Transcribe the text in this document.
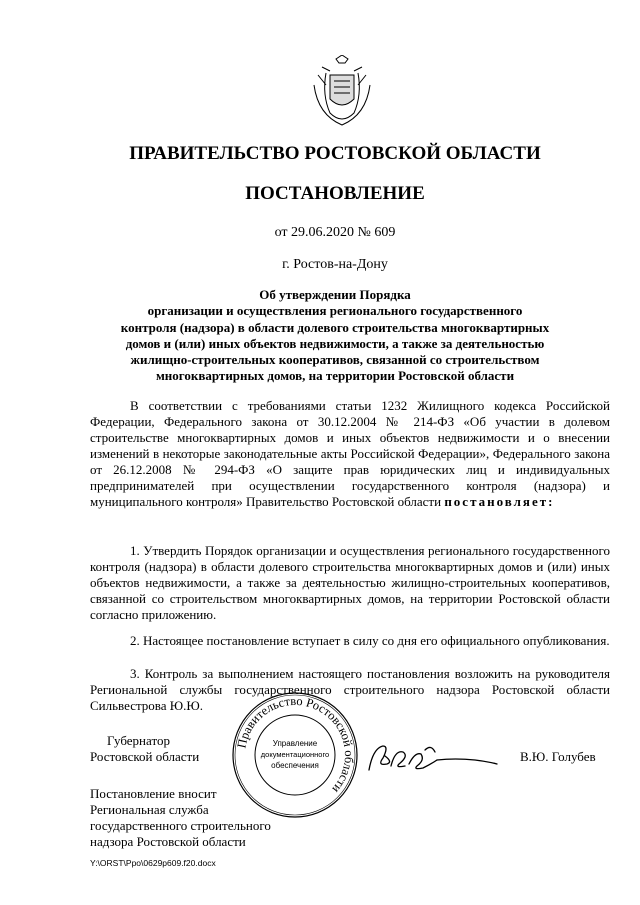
ПРАВИТЕЛЬСТВО РОСТОВСКОЙ ОБЛАСТИ
ПОСТАНОВЛЕНИЕ
от 29.06.2020 № 609
г. Ростов-на-Дону
Об утверждении Порядка
организации и осуществления регионального государственного
контроля (надзора) в области долевого строительства многоквартирных
домов и (или) иных объектов недвижимости, а также за деятельностью
жилищно-строительных кооперативов, связанной со строительством
многоквартирных домов, на территории Ростовской области
В соответствии с требованиями статьи 1232 Жилищного кодекса Российской Федерации, Федерального закона от 30.12.2004 № 214-ФЗ «Об участии в долевом строительстве многоквартирных домов и иных объектов недвижимости и о внесении изменений в некоторые законодательные акты Российской Федерации», Федерального закона от 26.12.2008 № 294-ФЗ «О защите прав юридических лиц и индивидуальных предпринимателей при осуществлении государственного контроля (надзора) и муниципального контроля» Правительство Ростовской области постановляет:
1. Утвердить Порядок организации и осуществления регионального государственного контроля (надзора) в области долевого строительства многоквартирных домов и (или) иных объектов недвижимости, а также за деятельностью жилищно-строительных кооперативов, связанной со строительством многоквартирных домов, на территории Ростовской области согласно приложению.
2. Настоящее постановление вступает в силу со дня его официального опубликования.
3. Контроль за выполнением настоящего постановления возложить на руководителя Региональной службы государственного строительного надзора Ростовской области Сильвестрова Ю.Ю.
Губернатор
Ростовской области	В.Ю. Голубев
Правительство Ростовской области
Управление
документационного
обеспечения
Постановление вносит
Региональная служба
государственного строительного
надзора Ростовской области
Y:\ORST\Ppo\0629p609.f20.docx
